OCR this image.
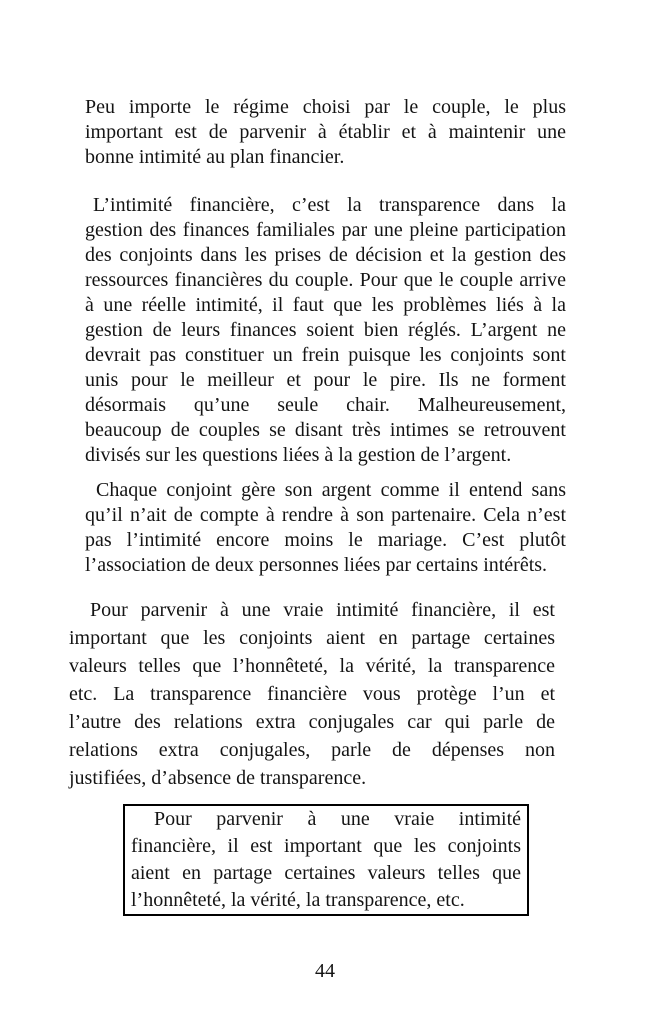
Peu importe le régime choisi par le couple, le plus
important est de parvenir à établir et à maintenir une
bonne intimité au plan financier.
L’intimité financière, c’est la transparence dans la
gestion des finances familiales par une pleine participation
des conjoints dans les prises de décision et la gestion des
ressources financières du couple. Pour que le couple arrive
à une réelle intimité, il faut que les problèmes liés à la
gestion de leurs finances soient bien réglés. L’argent ne
devrait pas constituer un frein puisque les conjoints sont
unis pour le meilleur et pour le pire. Ils ne forment
désormais qu’une seule chair. Malheureusement,
beaucoup de couples se disant très intimes se retrouvent
divisés sur les questions liées à la gestion de l’argent.
Chaque conjoint gère son argent comme il entend sans
qu’il n’ait de compte à rendre à son partenaire. Cela n’est
pas l’intimité encore moins le mariage. C’est plutôt
l’association de deux personnes liées par certains intérêts.
Pour parvenir à une vraie intimité financière, il est
important que les conjoints aient en partage certaines
valeurs telles que l’honnêteté, la vérité, la transparence
etc. La transparence financière vous protège l’un et
l’autre des relations extra conjugales car qui parle de
relations extra conjugales, parle de dépenses non
justifiées, d’absence de transparence.
Pour parvenir à une vraie intimité
financière, il est important que les conjoints
aient en partage certaines valeurs telles que
l’honnêteté, la vérité, la transparence, etc.
44
